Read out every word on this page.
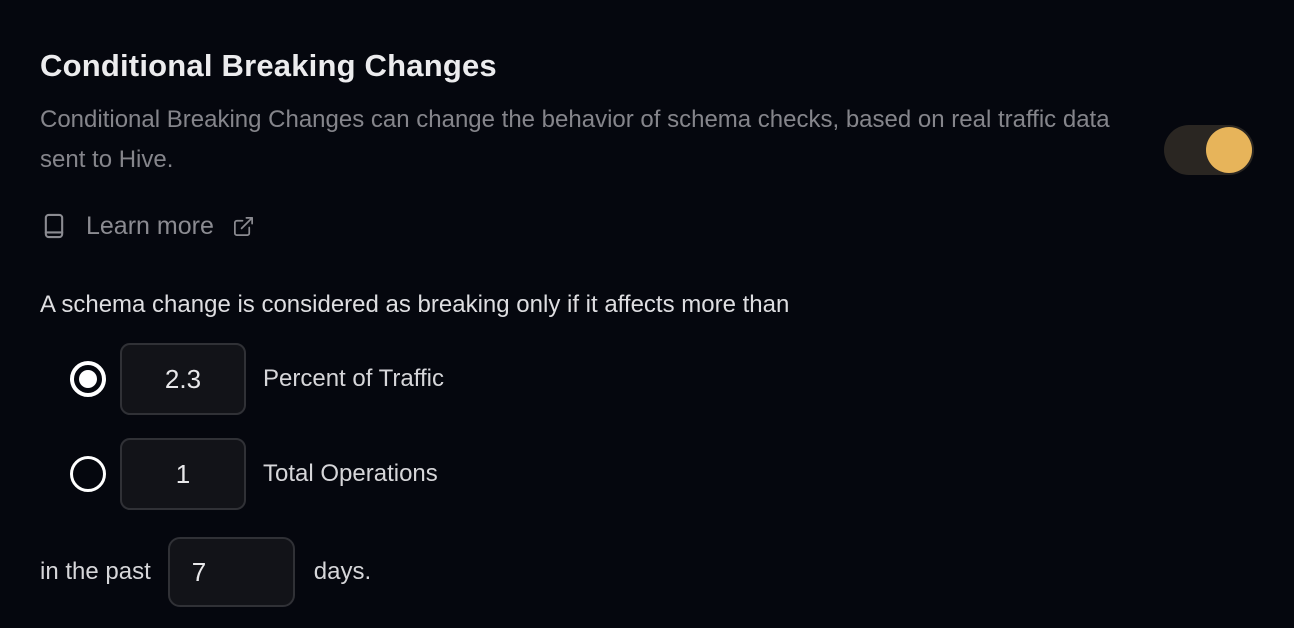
Conditional Breaking Changes

Conditional Breaking Changes can change the behavior of schema checks, based on real traffic data sent to Hive.

Learn more

A schema change is considered as breaking only if it affects more than

2.3
Percent of Traffic
1
Total Operations
in the past
7	days.
